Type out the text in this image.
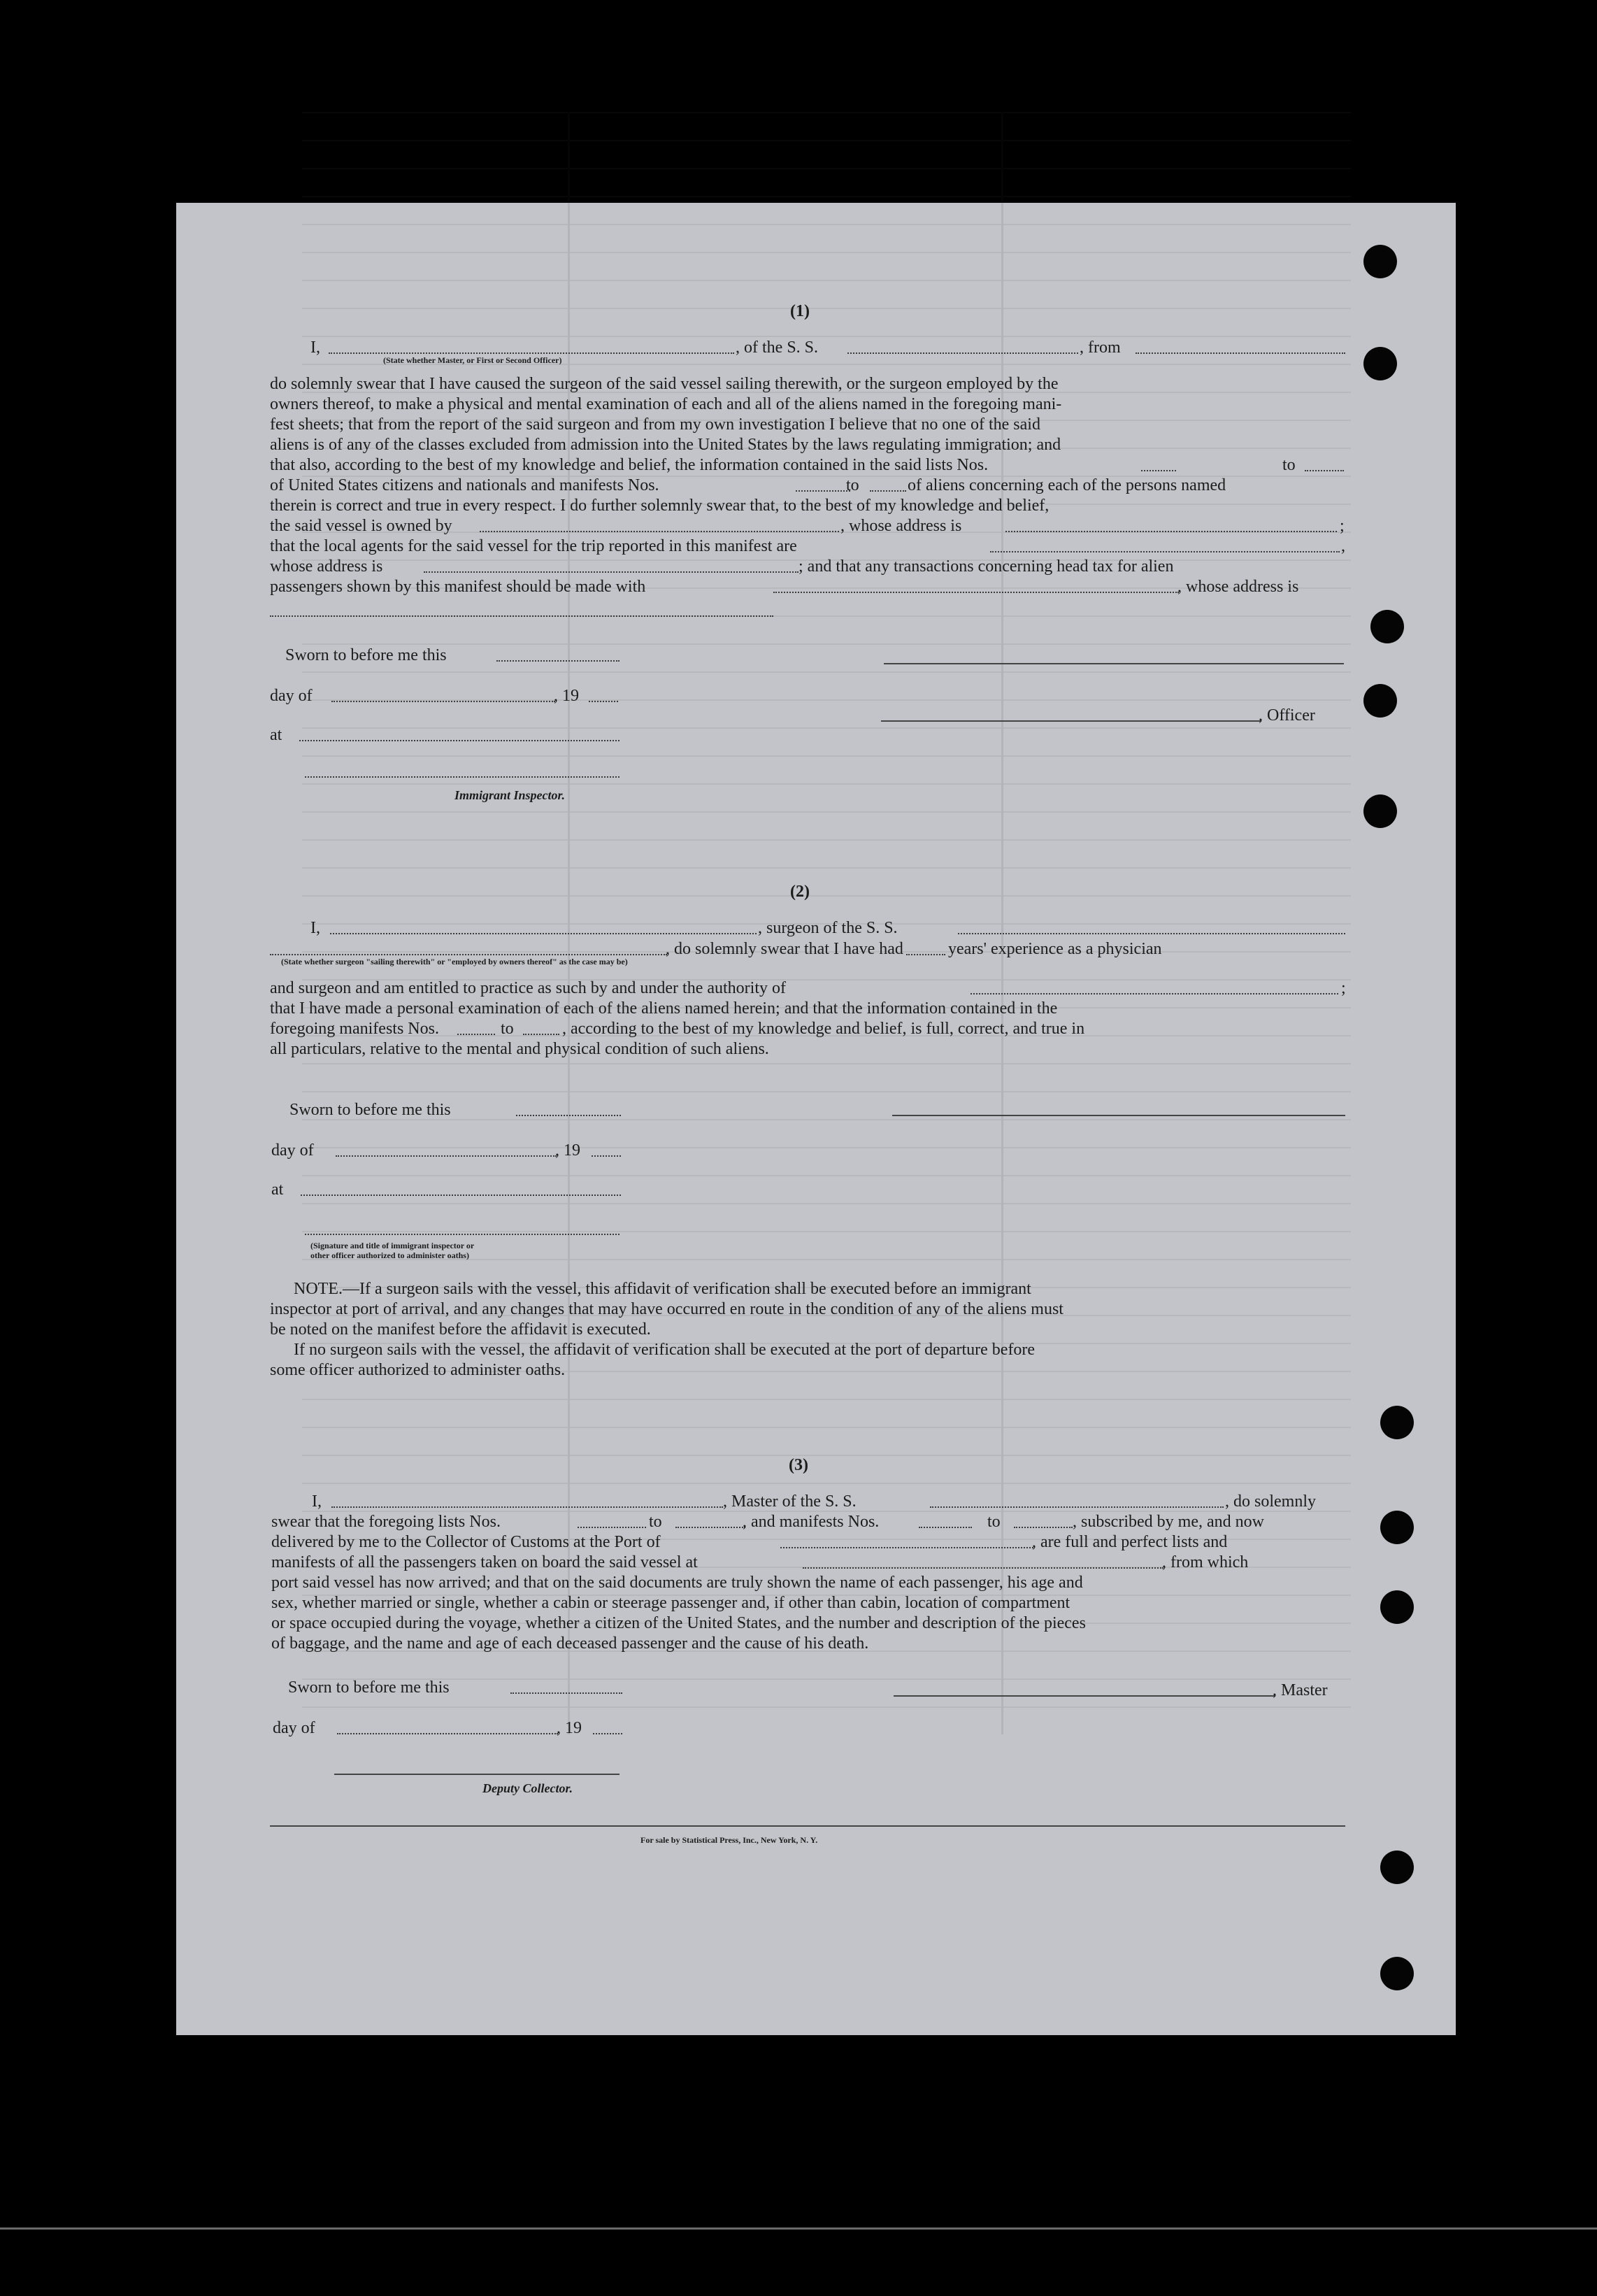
(1)
I,	, of the S. S.	, from
(State whether Master, or First or Second Officer)
do solemnly swear that I have caused the surgeon of the said vessel sailing therewith, or the surgeon employed by the
owners thereof, to make a physical and mental examination of each and all of the aliens named in the foregoing mani-
fest sheets; that from the report of the said surgeon and from my own investigation I believe that no one of the said
aliens is of any of the classes excluded from admission into the United States by the laws regulating immigration; and
that also, according to the best of my knowledge and belief, the information contained in the said lists Nos.	to
of United States citizens and nationals and manifests Nos.	to	of aliens concerning each of the persons named
therein is correct and true in every respect. I do further solemnly swear that, to the best of my knowledge and belief,
the said vessel is owned by	, whose address is	;
that the local agents for the said vessel for the trip reported in this manifest are	,
whose address is	; and that any transactions concerning head tax for alien
passengers shown by this manifest should be made with	, whose address is
Sworn to before me this
day of	, 19
at
, Officer
Immigrant Inspector.
(2)
I,	, surgeon of the S. S.
, do solemnly swear that I have had	years' experience as a physician
(State whether surgeon "sailing therewith" or "employed by owners thereof" as the case may be)
and surgeon and am entitled to practice as such by and under the authority of	;
that I have made a personal examination of each of the aliens named herein; and that the information contained in the
foregoing manifests Nos.	to	, according to the best of my knowledge and belief, is full, correct, and true in
all particulars, relative to the mental and physical condition of such aliens.
Sworn to before me this
day of	, 19
at
(Signature and title of immigrant inspector or
other officer authorized to administer oaths)
NOTE.—If a surgeon sails with the vessel, this affidavit of verification shall be executed before an immigrant
inspector at port of arrival, and any changes that may have occurred en route in the condition of any of the aliens must
be noted on the manifest before the affidavit is executed.
If no surgeon sails with the vessel, the affidavit of verification shall be executed at the port of departure before
some officer authorized to administer oaths.
(3)
I,	, Master of the S. S.	, do solemnly
swear that the foregoing lists Nos.	to	, and manifests Nos.	to	, subscribed by me, and now
delivered by me to the Collector of Customs at the Port of	, are full and perfect lists and
manifests of all the passengers taken on board the said vessel at	, from which
port said vessel has now arrived; and that on the said documents are truly shown the name of each passenger, his age and
sex, whether married or single, whether a cabin or steerage passenger and, if other than cabin, location of compartment
or space occupied during the voyage, whether a citizen of the United States, and the number and description of the pieces
of baggage, and the name and age of each deceased passenger and the cause of his death.
Sworn to before me this	, Master
day of	, 19
Deputy Collector.
For sale by Statistical Press, Inc., New York, N. Y.
